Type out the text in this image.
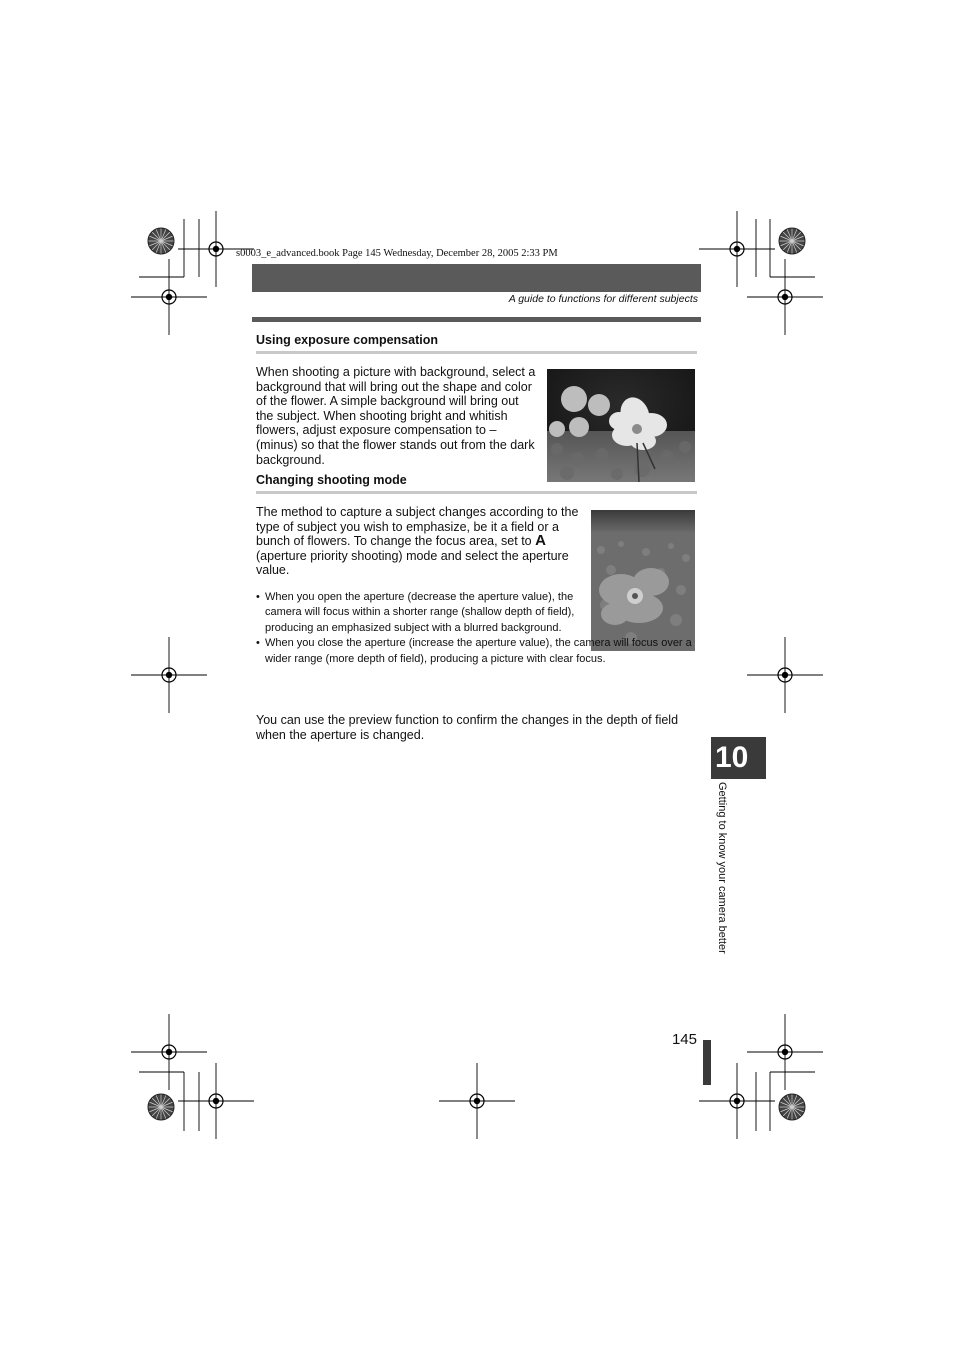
s0003_e_advanced.book Page 145 Wednesday, December 28, 2005 2:33 PM
A guide to functions for different subjects
Using exposure compensation

When shooting a picture with background, select a background that will bring out the shape and color of the flower. A simple background will bring out the subject. When shooting bright and whitish flowers, adjust exposure compensation to – (minus) so that the flower stands out from the dark background.

Changing shooting mode

The method to capture a subject changes according to the type of subject you wish to emphasize, be it a field or a bunch of flowers. To change the focus area, set to A (aperture priority shooting) mode and select the aperture value.

• When you open the aperture (decrease the aperture value), the camera will focus within a shorter range (shallow depth of field), producing an emphasized subject with a blurred background.
• When you close the aperture (increase the aperture value), the camera will focus over a wider range (more depth of field), producing a picture with clear focus.

You can use the preview function to confirm the changes in the depth of field when the aperture is changed.

10
Getting to know your camera better
145
